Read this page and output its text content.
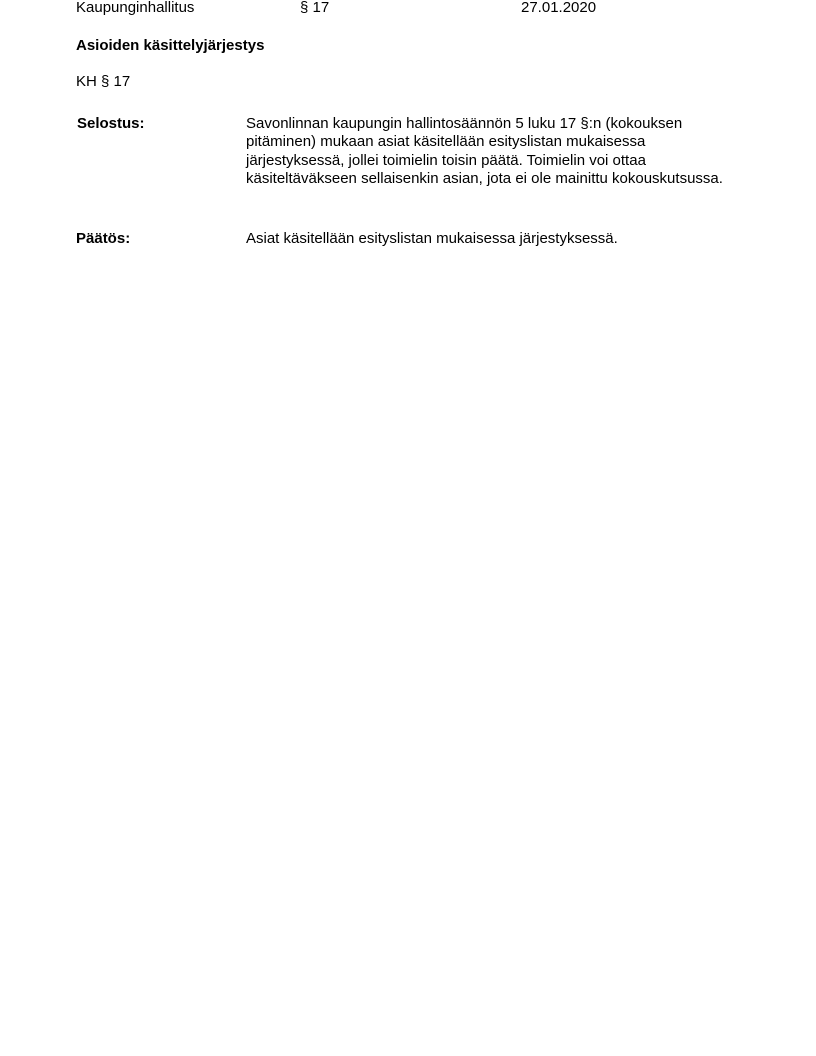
Kaupunginhallitus	§ 17	27.01.2020
Asioiden käsittelyjärjestys
KH § 17
Selostus:	Savonlinnan kaupungin hallintosäännön 5 luku 17 §:n (kokouksen pitäminen) mukaan asiat käsitellään esityslistan mukaisessa järjestyksessä, jollei toimielin toisin päätä. Toimielin voi ottaa käsiteltäväkseen sellaisenkin asian, jota ei ole mainittu kokouskutsussa.
Päätös:	Asiat käsitellään esityslistan mukaisessa järjestyksessä.
